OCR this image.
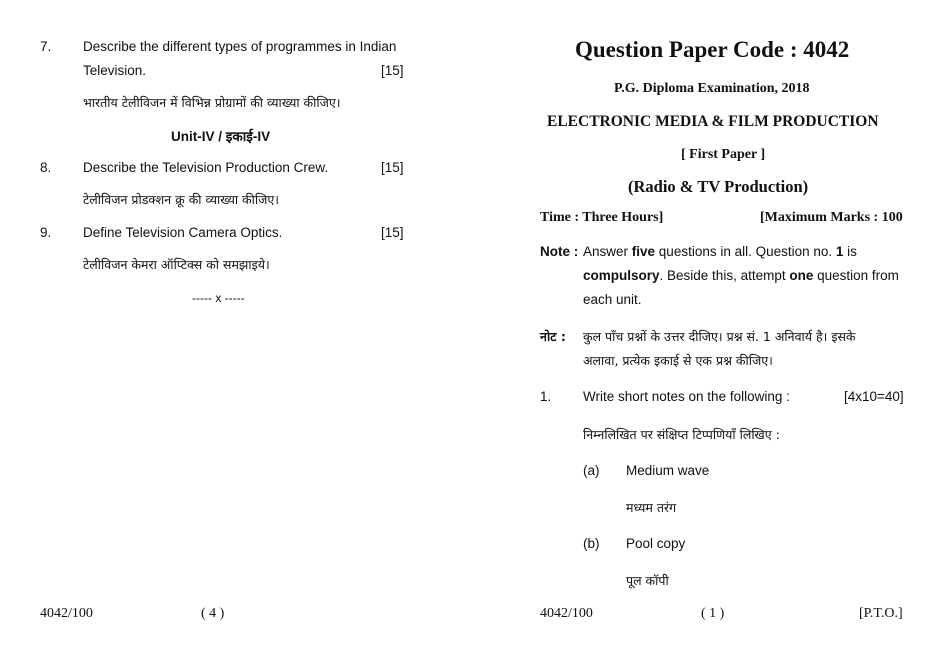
7. Describe the different types of programmes in Indian
Television.	[15]
भारतीय टेलीविजन में विभिन्न प्रोग्रामों की व्याख्या कीजिए।
Unit-IV / इकाई-IV
8. Describe the Television Production Crew.	[15]
टेलीविजन प्रोडक्शन क्रू की व्याख्या कीजिए।
9. Define Television Camera Optics.	[15]
टेलीविजन केमरा ऑप्टिक्स को समझाइये।
----- x -----
4042/100	( 4 )
Question Paper Code : 4042
P.G. Diploma Examination, 2018
ELECTRONIC MEDIA & FILM PRODUCTION
[ First Paper ]
(Radio & TV Production)
Time : Three Hours]	[Maximum Marks : 100
Note : Answer five questions in all. Question no. 1 is
compulsory. Beside this, attempt one question from
each unit.
नोट : कुल पाँच प्रश्नों के उत्तर दीजिए। प्रश्न सं. 1 अनिवार्य है। इसके
अलावा, प्रत्येक इकाई से एक प्रश्न कीजिए।
1. Write short notes on the following :	[4x10=40]
निम्नलिखित पर संक्षिप्त टिप्पणियाँ लिखिए :
(a) Medium wave
मध्यम तरंग
(b) Pool copy
पूल कॉपी
4042/100	( 1 )	[P.T.O.]
